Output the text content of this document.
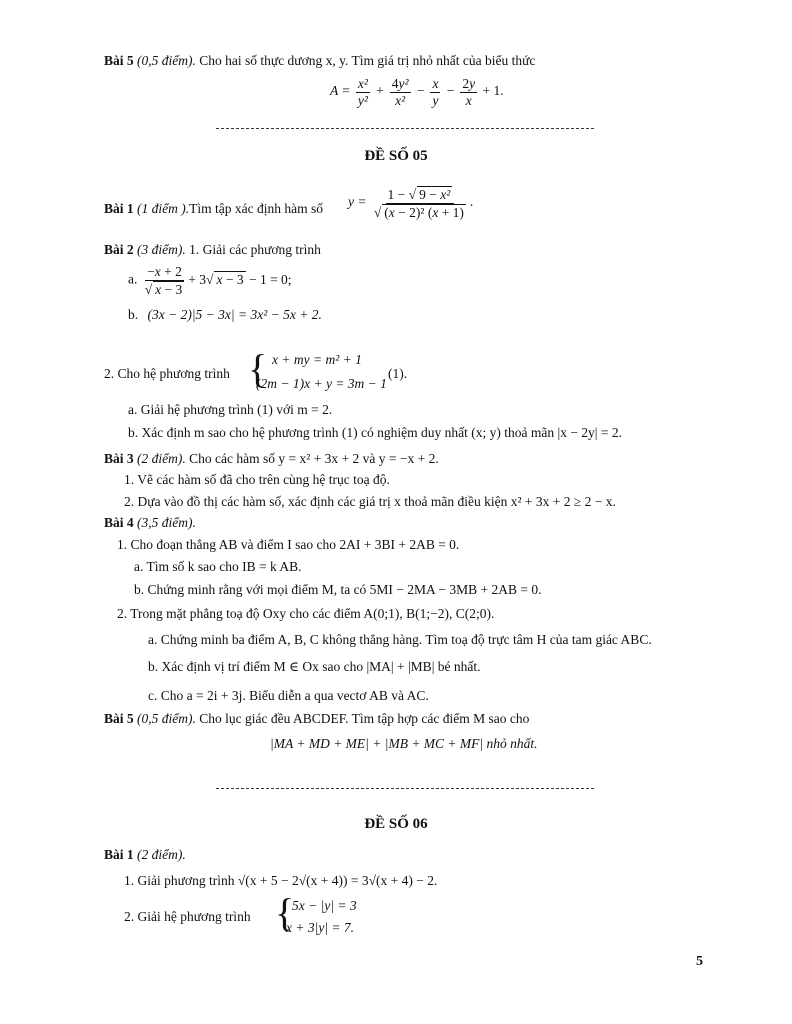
Bài 5 (0,5 điểm). Cho hai số thực dương x, y. Tìm giá trị nhỏ nhất của biểu thức
$A = \frac{\text{x²}}{\text{y²}} + \frac{\text{4y²}}{\text{x²}} - \frac{x}{y} - \frac{2y}{x} + 1$.
ĐỀ SỐ 05
Bài 1 (1 điểm ).Tìm tập xác định hàm số $y = \frac{\text{1 − √ 9 − x²}}{\text{√ (x − 2)² (x + 1)}}$ .
Bài 2 (3 điểm). 1. Giải các phương trình
a. $\frac{-x + 2}{√ x - 3} + 3√$ x − 3 − 1 = 0;
b. (3x − 2)|5 − 3x| = 3x² − 5x + 2.
2. Cho hệ phương trình { x + my = m² + 1
(2m − 1)x + y = 3m − 1
(1).
a. Giải hệ phương trình (1) với m = 2.
b. Xác định m sao cho hệ phương trình (1) có nghiệm duy nhất (x; y) thoả mãn |x − 2y| = 2.
Bài 3 (2 điểm). Cho các hàm số y = x² + 3x + 2 và y = −x + 2.
1. Vẽ các hàm số đã cho trên cùng hệ trục toạ độ.
2. Dựa vào đồ thị các hàm số, xác định các giá trị x thoả mãn điều kiện x² + 3x + 2 ≥ 2 − x.
Bài 4 (3,5 điểm).
1. Cho đoạn thẳng AB và điểm I sao cho 2AI + 3BI + 2AB = 0.
a. Tìm số k sao cho IB = k AB.
b. Chứng minh rằng với mọi điểm M, ta có 5MI − 2MA − 3MB + 2AB = 0.
2. Trong mặt phẳng toạ độ Oxy cho các điểm A(0;1), B(1;−2), C(2;0).
a. Chứng minh ba điểm A, B, C không thẳng hàng. Tìm toạ độ trực tâm H của tam giác ABC.
b. Xác định vị trí điểm M ∈ Ox sao cho |MA| + |MB| bé nhất.
c. Cho a = 2i + 3j. Biểu diễn a qua vectơ AB và AC.
Bài 5 (0,5 điểm). Cho lục giác đều ABCDEF. Tìm tập hợp các điểm M sao cho
|MA + MD + ME| + |MB + MC + MF| nhỏ nhất.
ĐỀ SỐ 06
Bài 1 (2 điểm).
1. Giải phương trình √(x + 5 − 2√(x + 4)) = 3√(x + 4) − 2.
2. Giải hệ phương trình {
5x − |y| = 3
x + 3|y| = 7.
5
